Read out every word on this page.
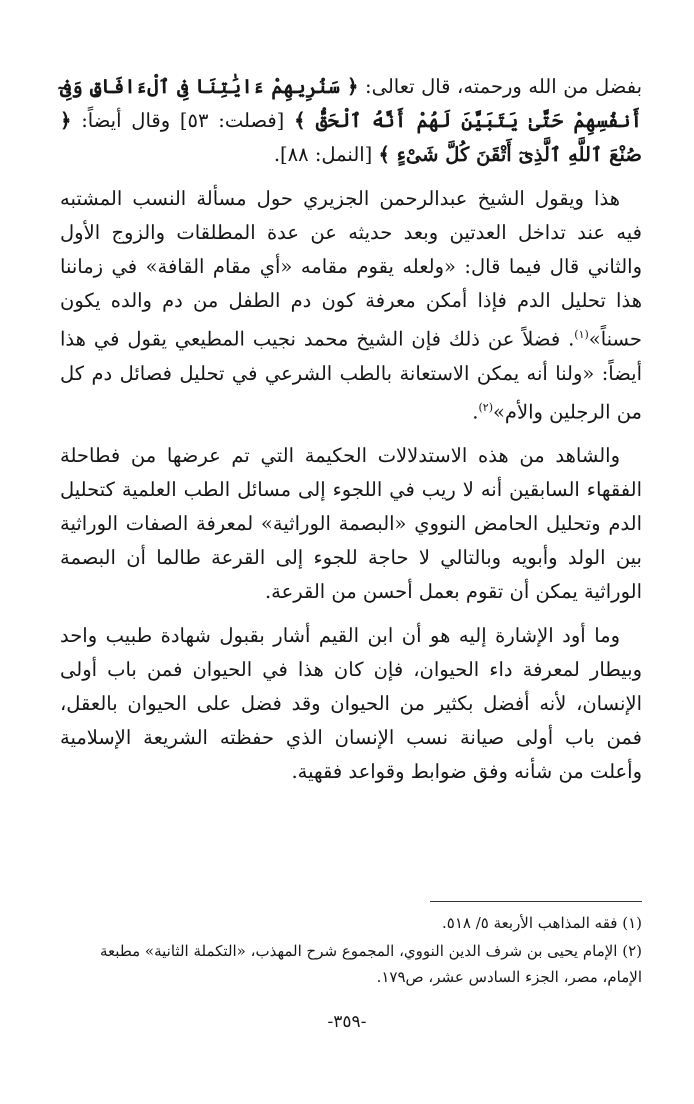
بفضل من الله ورحمته، قال تعالى: ﴿ سَنُرِيهِمْ ءَايَٰتِنَا فِى ٱلْءَافَاقِ وَفِىٓ أَنفُسِهِمْ حَتَّىٰ يَتَبَيَّنَ لَهُمْ أَنَّهُ ٱلْحَقُّ ﴾ [فصلت: ٥٣] وقال أيضاً: ﴿ صُنْعَ ٱللَّهِ ٱلَّذِىٓ أَتْقَنَ كُلَّ شَىْءٍ ﴾ [النمل: ٨٨].

هذا ويقول الشيخ عبدالرحمن الجزيري حول مسألة النسب المشتبه فيه عند تداخل العدتين وبعد حديثه عن عدة المطلقات والزوج الأول والثاني قال فيما قال: «ولعله يقوم مقامه «أي مقام القافة» في زماننا هذا تحليل الدم فإذا أمكن معرفة كون دم الطفل من دم والده يكون حسناً»$^{(١)}$. فضلاً عن ذلك فإن الشيخ محمد نجيب المطيعي يقول في هذا أيضاً: «ولنا أنه يمكن الاستعانة بالطب الشرعي في تحليل فصائل دم كل من الرجلين والأم»$^{(٢)}$.

والشاهد من هذه الاستدلالات الحكيمة التي تم عرضها من فطاحلة الفقهاء السابقين أنه لا ريب في اللجوء إلى مسائل الطب العلمية كتحليل الدم وتحليل الحامض النووي «البصمة الوراثية» لمعرفة الصفات الوراثية بين الولد وأبويه وبالتالي لا حاجة للجوء إلى القرعة طالما أن البصمة الوراثية يمكن أن تقوم بعمل أحسن من القرعة.

وما أود الإشارة إليه هو أن ابن القيم أشار بقبول شهادة طبيب واحد وبيطار لمعرفة داء الحيوان، فإن كان هذا في الحيوان فمن باب أولى الإنسان، لأنه أفضل بكثير من الحيوان وقد فضل على الحيوان بالعقل، فمن باب أولى صيانة نسب الإنسان الذي حفظته الشريعة الإسلامية وأعلت من شأنه وفق ضوابط وقواعد فقهية.

(١) فقه المذاهب الأربعة ٥/ ٥١٨.

(٢) الإمام يحيى بن شرف الدين النووي، المجموع شرح المهذب، «التكملة الثانية» مطبعة الإمام، مصر، الجزء السادس عشر، ص١٧٩.

-٣٥٩-
